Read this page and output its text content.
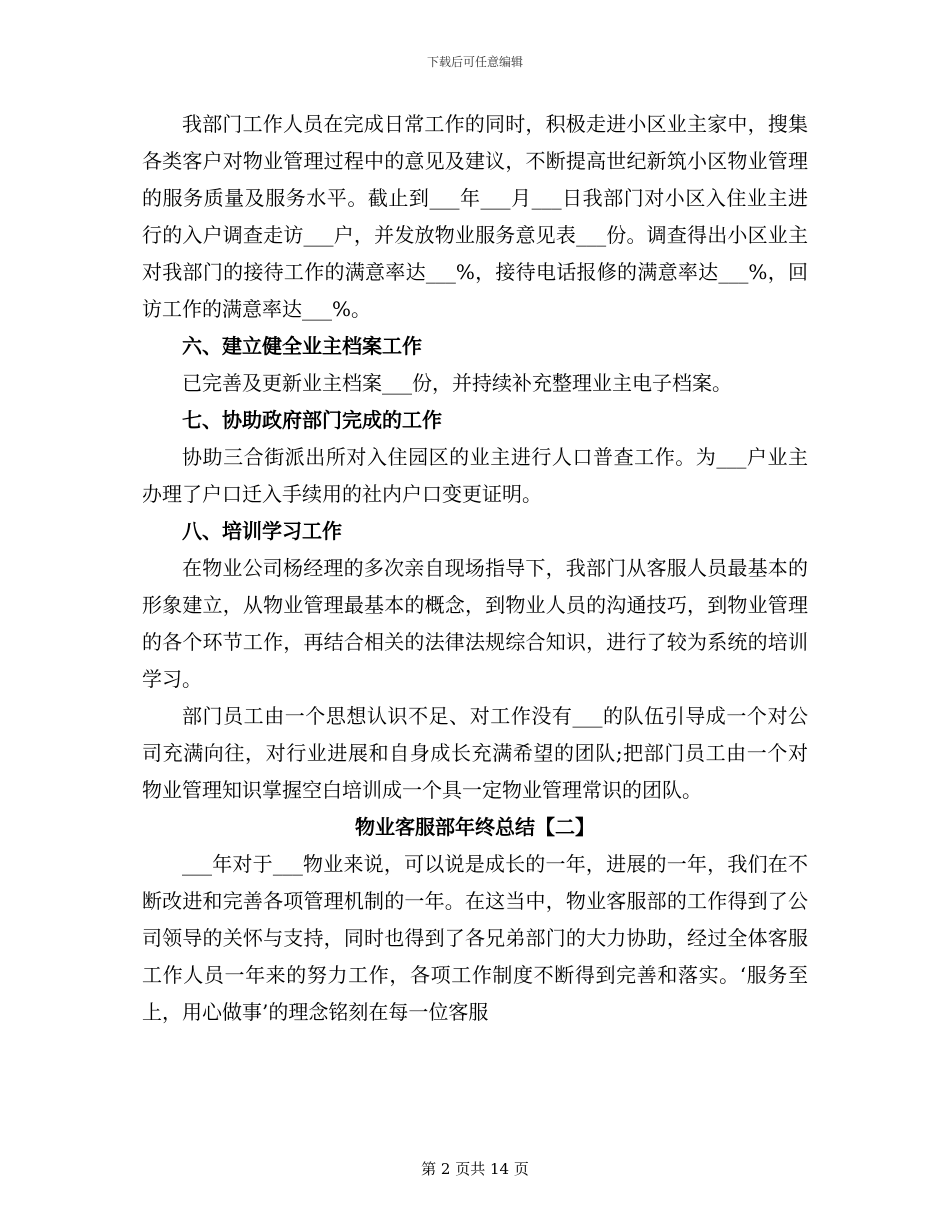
下载后可任意编辑

我部门工作人员在完成日常工作的同时，积极走进小区业主家中，搜集各类客户对物业管理过程中的意见及建议，不断提高世纪新筑小区物业管理的服务质量及服务水平。截止到___年___月___日我部门对小区入住业主进行的入户调查走访___户，并发放物业服务意见表___份。调查得出小区业主对我部门的接待工作的满意率达___%，接待电话报修的满意率达___%，回访工作的满意率达___%。

六、建立健全业主档案工作

已完善及更新业主档案___份，并持续补充整理业主电子档案。

七、协助政府部门完成的工作

协助三合街派出所对入住园区的业主进行人口普查工作。为___户业主办理了户口迁入手续用的社内户口变更证明。

八、培训学习工作

在物业公司杨经理的多次亲自现场指导下，我部门从客服人员最基本的形象建立，从物业管理最基本的概念，到物业人员的沟通技巧，到物业管理的各个环节工作，再结合相关的法律法规综合知识，进行了较为系统的培训学习。

部门员工由一个思想认识不足、对工作没有___的队伍引导成一个对公司充满向往，对行业进展和自身成长充满希望的团队;把部门员工由一个对物业管理知识掌握空白培训成一个具一定物业管理常识的团队。

物业客服部年终总结【二】

___年对于___物业来说，可以说是成长的一年，进展的一年，我们在不断改进和完善各项管理机制的一年。在这当中，物业客服部的工作得到了公司领导的关怀与支持，同时也得到了各兄弟部门的大力协助，经过全体客服工作人员一年来的努力工作，各项工作制度不断得到完善和落实。‘服务至上，用心做事’的理念铭刻在每一位客服

第 2 页共 14 页
